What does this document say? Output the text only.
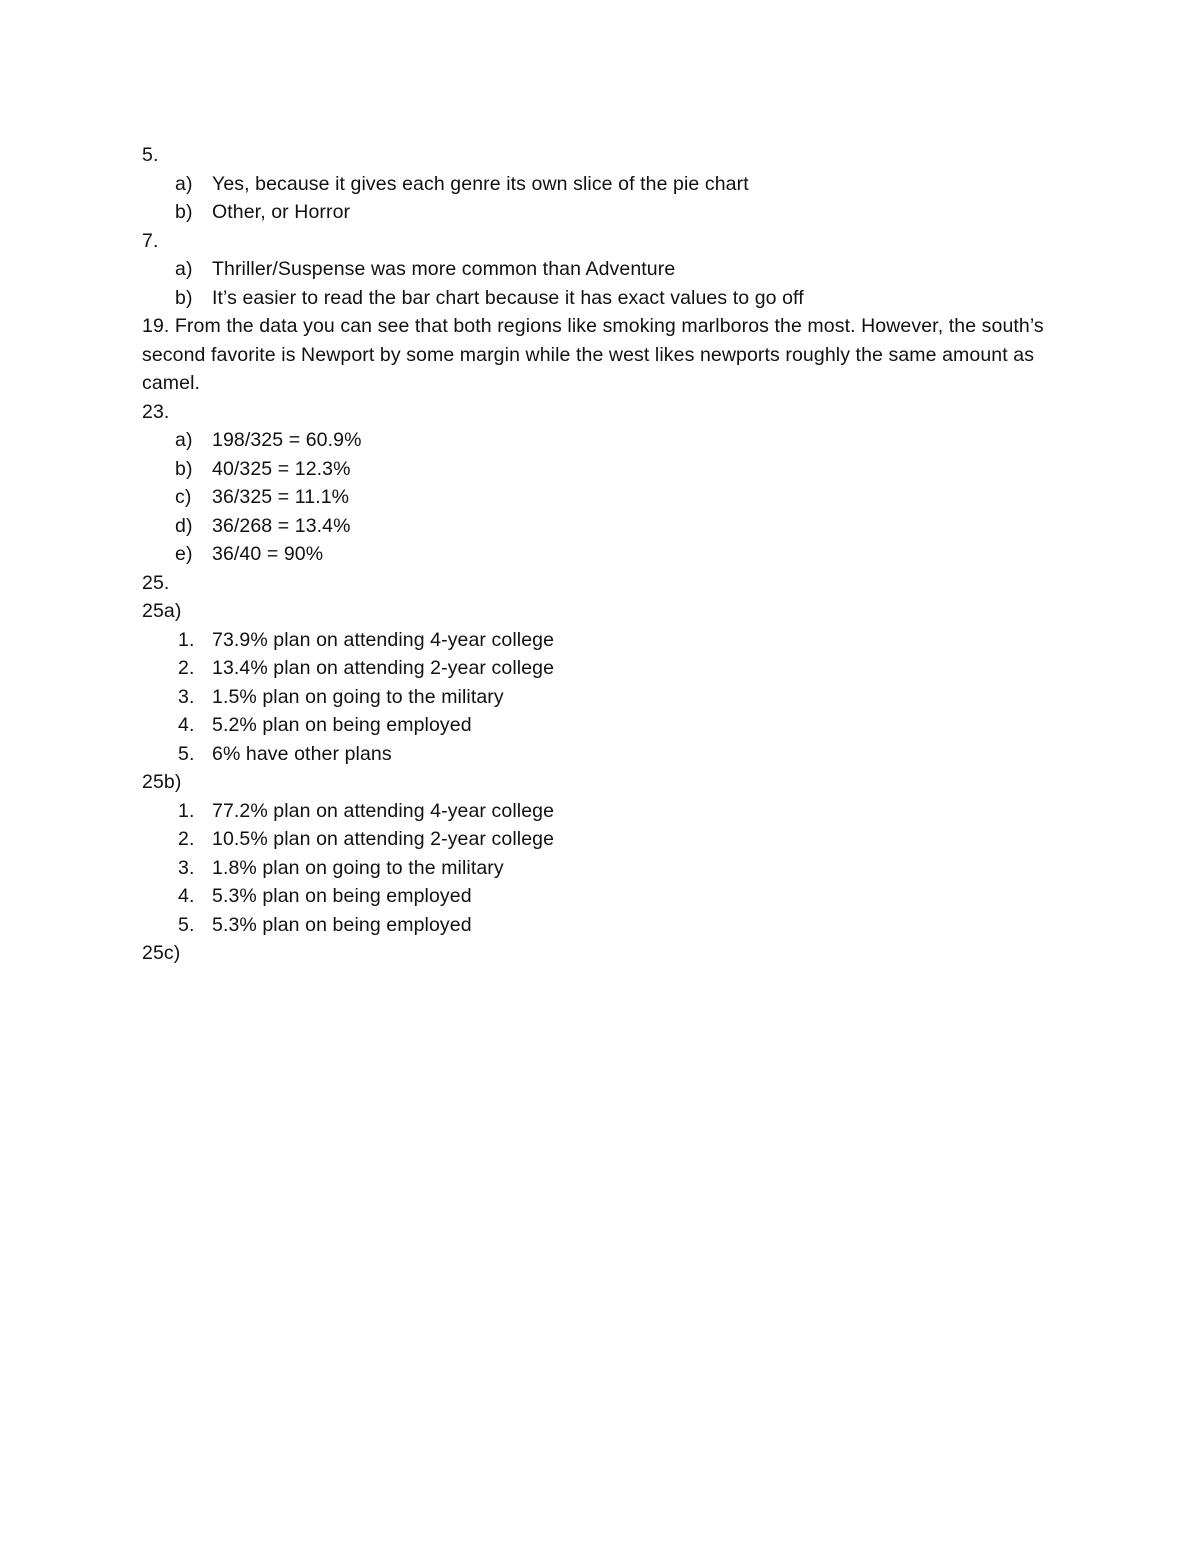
5.
a) Yes, because it gives each genre its own slice of the pie chart
b) Other, or Horror
7.
a) Thriller/Suspense was more common than Adventure
b) It’s easier to read the bar chart because it has exact values to go off
19. From the data you can see that both regions like smoking marlboros the most. However, the south’s second favorite is Newport by some margin while the west likes newports roughly the same amount as camel.
23.
a) 198/325 = 60.9%
b) 40/325 = 12.3%
c) 36/325 = 11.1%
d) 36/268 = 13.4%
e) 36/40 = 90%
25.
25a)
1. 73.9% plan on attending 4-year college
2. 13.4% plan on attending 2-year college
3. 1.5% plan on going to the military
4. 5.2% plan on being employed
5. 6% have other plans
25b)
1. 77.2% plan on attending 4-year college
2. 10.5% plan on attending 2-year college
3. 1.8% plan on going to the military
4. 5.3% plan on being employed
5. 5.3% plan on being employed
25c)
